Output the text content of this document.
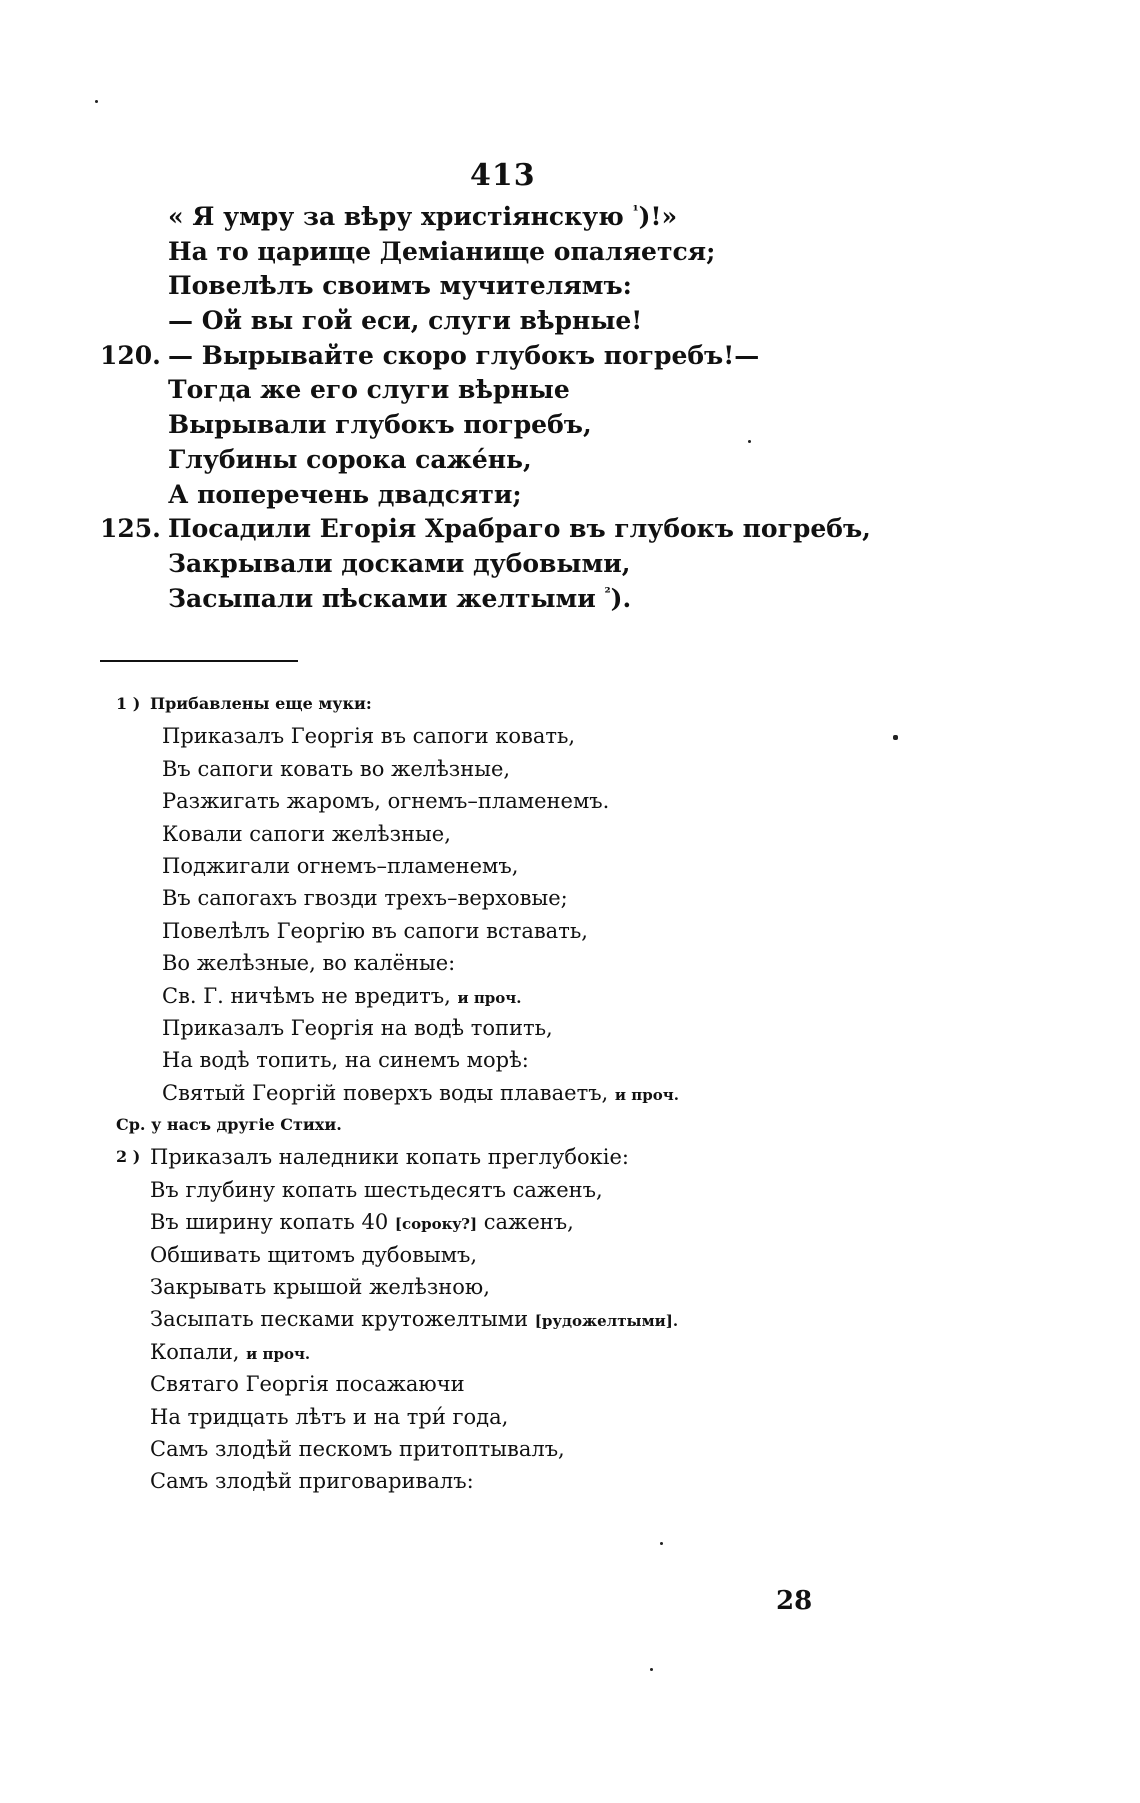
413
« Я умру за вѣру христіянскую $^{^1}$)!»
На то царище Деміанище опаляется;
Повелѣлъ своимъ мучителямъ:
— Ой вы гой еси, слуги вѣрные!
120. — Вырывайте скоро глубокъ погребъ!—
Тогда же его слуги вѣрные
Вырывали глубокъ погребъ,
Глубины сорока сажéнь,
А поперечень двадсяти;
125. Посадили Егорія Храбраго въ глубокъ погребъ,
Закрывали досками дубовыми,
Засыпали пѣсками желтыми $^{^2}$).
1 ) Прибавлены еще муки:
Приказалъ Георгія въ сапоги ковать,
Въ сапоги ковать во желѣзные,
Разжигать жаромъ, огнемъ–пламенемъ.
Ковали сапоги желѣзные,
Поджигали огнемъ–пламенемъ,
Въ сапогахъ гвозди трехъ–верховые;
Повелѣлъ Георгію въ сапоги вставать,
Во желѣзные, во калёные:
Св. Г. ничѣмъ не вредитъ, и проч.
Приказалъ Георгія на водѣ топить,
На водѣ топить, на синемъ морѣ:
Святый Георгій поверхъ воды плаваетъ, и проч.
Ср. у насъ другіе Стихи.
2 ) Приказалъ наледники копать преглубокіе:
Въ глубину копать шестьдесятъ саженъ,
Въ ширину копать 40 [сорокy?] саженъ,
Обшивать щитомъ дубовымъ,
Закрывать крышой желѣзною,
Засыпать песками крутожелтыми [рудожелтыми].
Копали, и проч.
Святаго Георгія посажаючи
На тридцать лѣтъ и на три́ года,
Самъ злодѣй пескомъ притоптывалъ,
Самъ злодѣй приговаривалъ:
28
